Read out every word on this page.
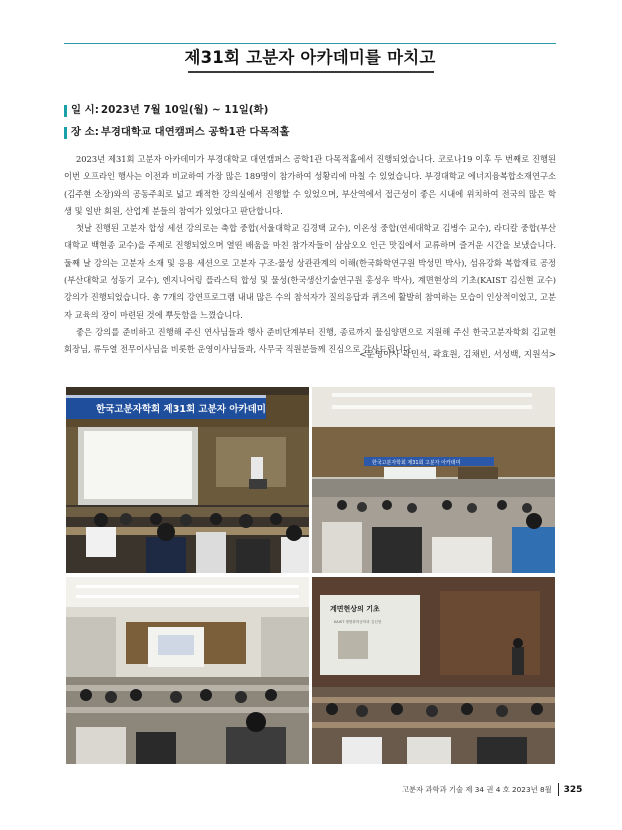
제31회 고분자 아카데미를 마치고
일 시: 2023년 7월 10일(월) ~ 11일(화)
장 소: 부경대학교 대연캠퍼스 공학1관 다목적홀

2023년 제31회 고분자 아카데미가 부경대학교 대연캠퍼스 공학1관 다목적홀에서 진행되었습니다. 코로나19 이후 두 번째로 진행된 이번 오프라인 행사는 이전과 비교하여 가장 많은 189명이 참가하여 성황리에 마칠 수 있었습니다. 부경대학교 에너지융복합소재연구소(김주현 소장)와의 공동주최로 넓고 쾌적한 강의실에서 진행할 수 있었으며, 부산역에서 접근성이 좋은 시내에 위치하여 전국의 많은 학생 및 일반 회원, 산업계 분들의 참여가 있었다고 판단합니다.

첫날 진행된 고분자 합성 세션 강의로는 축합 중합(서울대학교 김경택 교수), 이온성 중합(연세대학교 김병수 교수), 라디칼 중합(부산대학교 백현종 교수)을 주제로 진행되었으며 열띤 배움을 마친 참가자들이 삼삼오오 인근 맛집에서 교류하며 즐거운 시간을 보냈습니다. 둘째 날 강의는 고분자 소재 및 응용 세션으로 고분자 구조-물성 상관관계의 이해(한국화학연구원 박성민 박사), 섬유강화 복합재료 공정(부산대학교 성동기 교수), 엔지니어링 플라스틱 합성 및 물성(한국생산기술연구원 홍성우 박사), 계면현상의 기초(KAIST 김신현 교수) 강의가 진행되었습니다. 총 7개의 강연프로그램 내내 많은 수의 참석자가 질의응답과 퀴즈에 활발히 참여하는 모습이 인상적이었고, 고분자 교육의 장이 마련된 것에 뿌듯함을 느꼈습니다.

좋은 강의를 준비하고 진행해 주신 연사님들과 행사 준비단계부터 진행, 종료까지 물심양면으로 지원해 주신 한국고분자학회 김교현 회장님, 류두열 전무이사님을 비롯한 운영이사님들과, 사무국 직원분들께 진심으로 감사드립니다.

<운영이사 곽민석, 곽효원, 김채빈, 서성백, 지원석>
한국고분자학회 제31회 고분자 아카데미
한국고분자학회 제31회 고분자 아카데미
계면현상의 기초
KAIST 생명화학공학과 김신현
고분자 과학과 기술 제 34 권 4 호 2023년 8월 325
